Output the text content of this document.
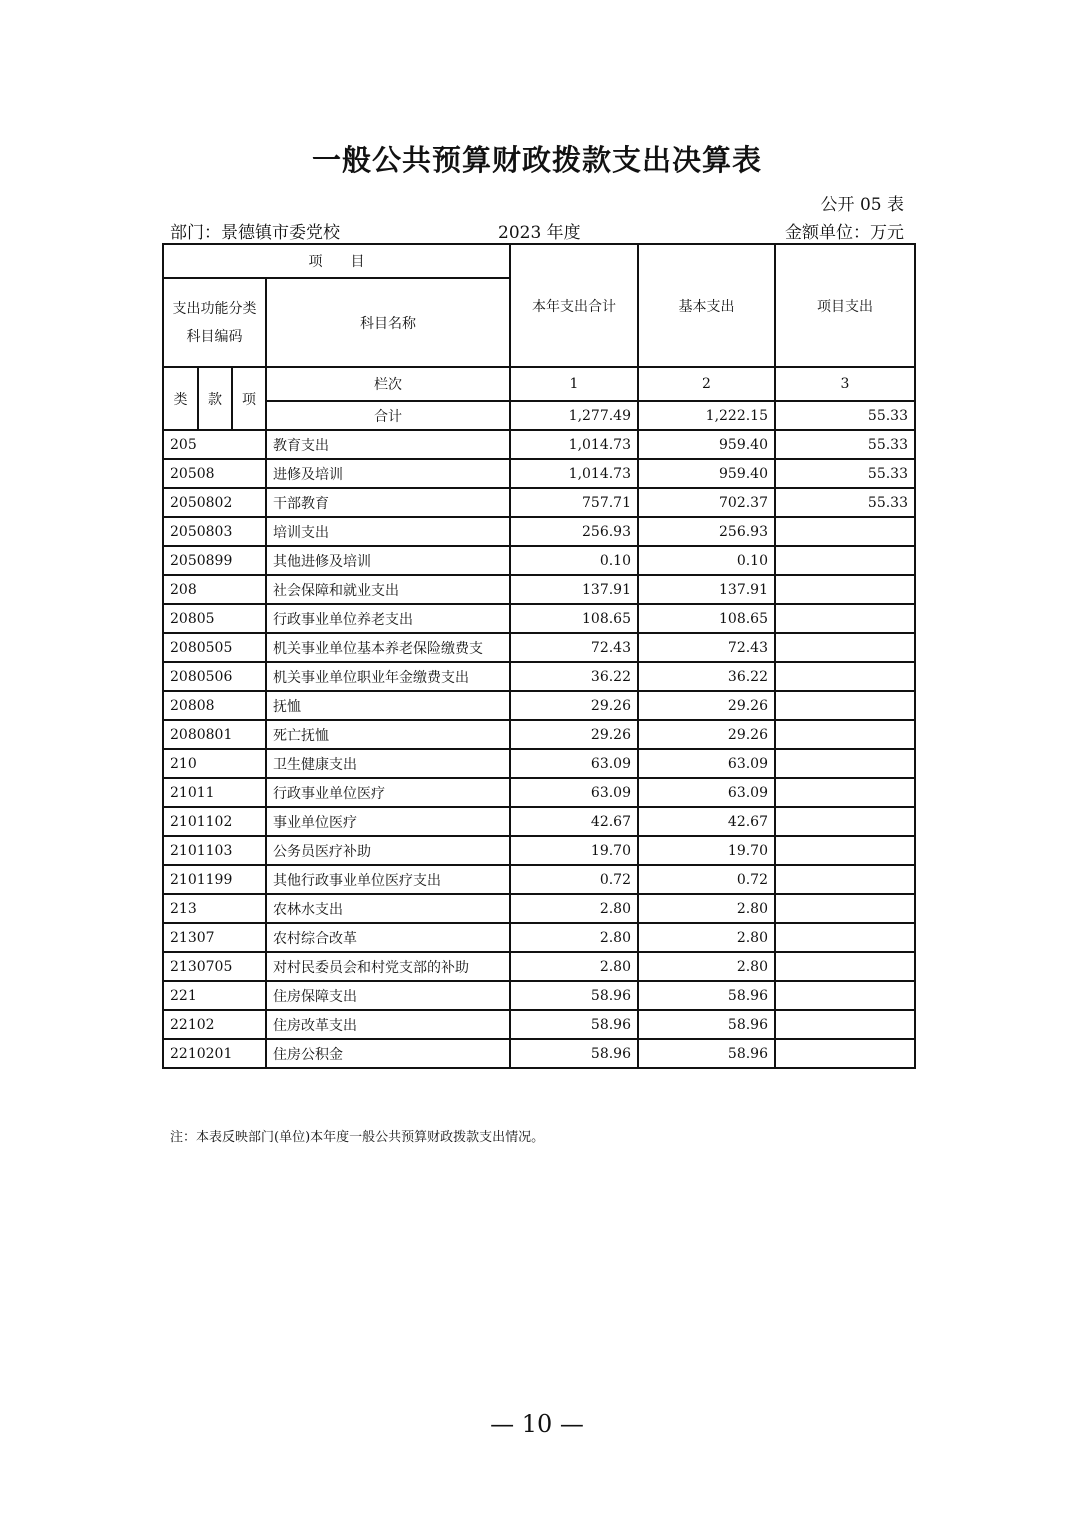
一般公共预算财政拨款支出决算表
公开 05 表
部门：景德镇市委党校	2023 年度	金额单位：万元
项　　目				本年支出合计	基本支出	项目支出
支出功能分类科目编码			科目名称			
类	款	项	栏次	1	2	3
			合计	1,277.49	1,222.15	55.33
205			教育支出	1,014.73	959.40	55.33
20508			进修及培训	1,014.73	959.40	55.33
2050802			干部教育	757.71	702.37	55.33
2050803			培训支出	256.93	256.93	
2050899			其他进修及培训	0.10	0.10	
208			社会保障和就业支出	137.91	137.91	
20805			行政事业单位养老支出	108.65	108.65	
2080505			机关事业单位基本养老保险缴费支	72.43	72.43	
2080506			机关事业单位职业年金缴费支出	36.22	36.22	
20808			抚恤	29.26	29.26	
2080801			死亡抚恤	29.26	29.26	
210			卫生健康支出	63.09	63.09	
21011			行政事业单位医疗	63.09	63.09	
2101102			事业单位医疗	42.67	42.67	
2101103			公务员医疗补助	19.70	19.70	
2101199			其他行政事业单位医疗支出	0.72	0.72	
213			农林水支出	2.80	2.80	
21307			农村综合改革	2.80	2.80	
2130705			对村民委员会和村党支部的补助	2.80	2.80	
221			住房保障支出	58.96	58.96	
22102			住房改革支出	58.96	58.96	
2210201			住房公积金	58.96	58.96	
注：本表反映部门(单位)本年度一般公共预算财政拨款支出情况。
— 10 —
